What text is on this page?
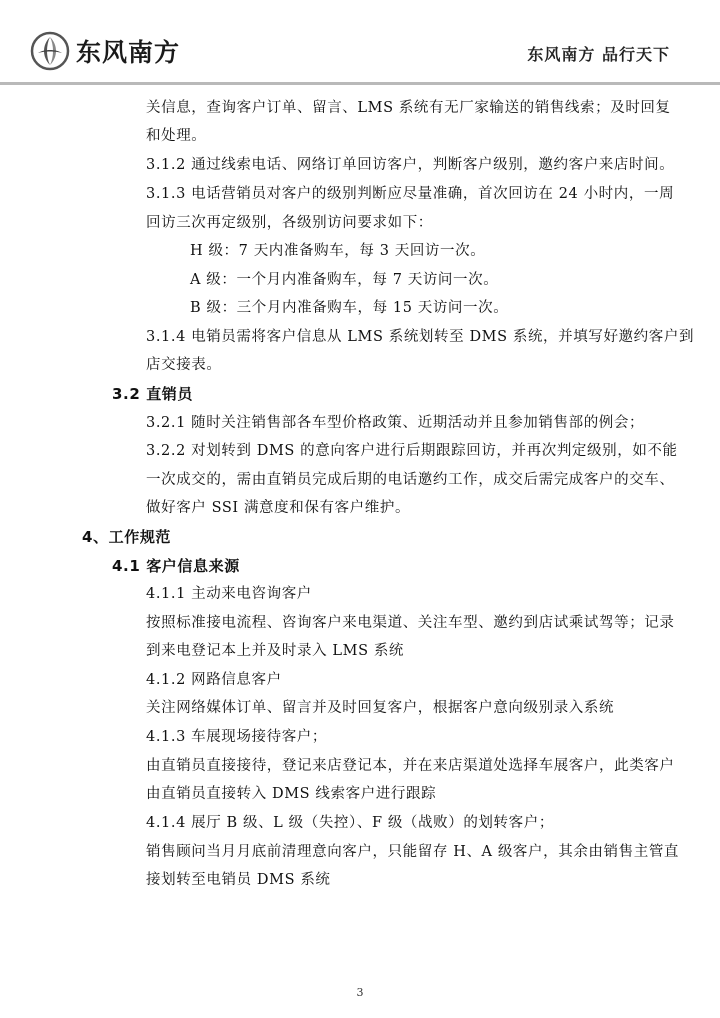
东风南方	东风南方 品行天下
关信息，查询客户订单、留言、LMS 系统有无厂家输送的销售线索；及时回复
和处理。
3.1.2 通过线索电话、网络订单回访客户，判断客户级别，邀约客户来店时间。
3.1.3 电话营销员对客户的级别判断应尽量准确，首次回访在 24 小时内，一周
回访三次再定级别，各级别访问要求如下：
H 级：7 天内准备购车，每 3 天回访一次。
A 级：一个月内准备购车，每 7 天访问一次。
B 级：三个月内准备购车，每 15 天访问一次。
3.1.4 电销员需将客户信息从 LMS 系统划转至 DMS 系统，并填写好邀约客户到
店交接表。
3.2 直销员
3.2.1 随时关注销售部各车型价格政策、近期活动并且参加销售部的例会；
3.2.2 对划转到 DMS 的意向客户进行后期跟踪回访，并再次判定级别，如不能
一次成交的，需由直销员完成后期的电话邀约工作，成交后需完成客户的交车、
做好客户 SSI 满意度和保有客户维护。
4、工作规范
4.1 客户信息来源
4.1.1 主动来电咨询客户
按照标准接电流程、咨询客户来电渠道、关注车型、邀约到店试乘试驾等；记录
到来电登记本上并及时录入 LMS 系统
4.1.2 网路信息客户
关注网络媒体订单、留言并及时回复客户，根据客户意向级别录入系统
4.1.3 车展现场接待客户；
由直销员直接接待，登记来店登记本，并在来店渠道处选择车展客户，此类客户
由直销员直接转入 DMS 线索客户进行跟踪
4.1.4 展厅 B 级、L 级（失控）、F 级（战败）的划转客户；
销售顾问当月月底前清理意向客户，只能留存 H、A 级客户，其余由销售主管直
接划转至电销员 DMS 系统
3
